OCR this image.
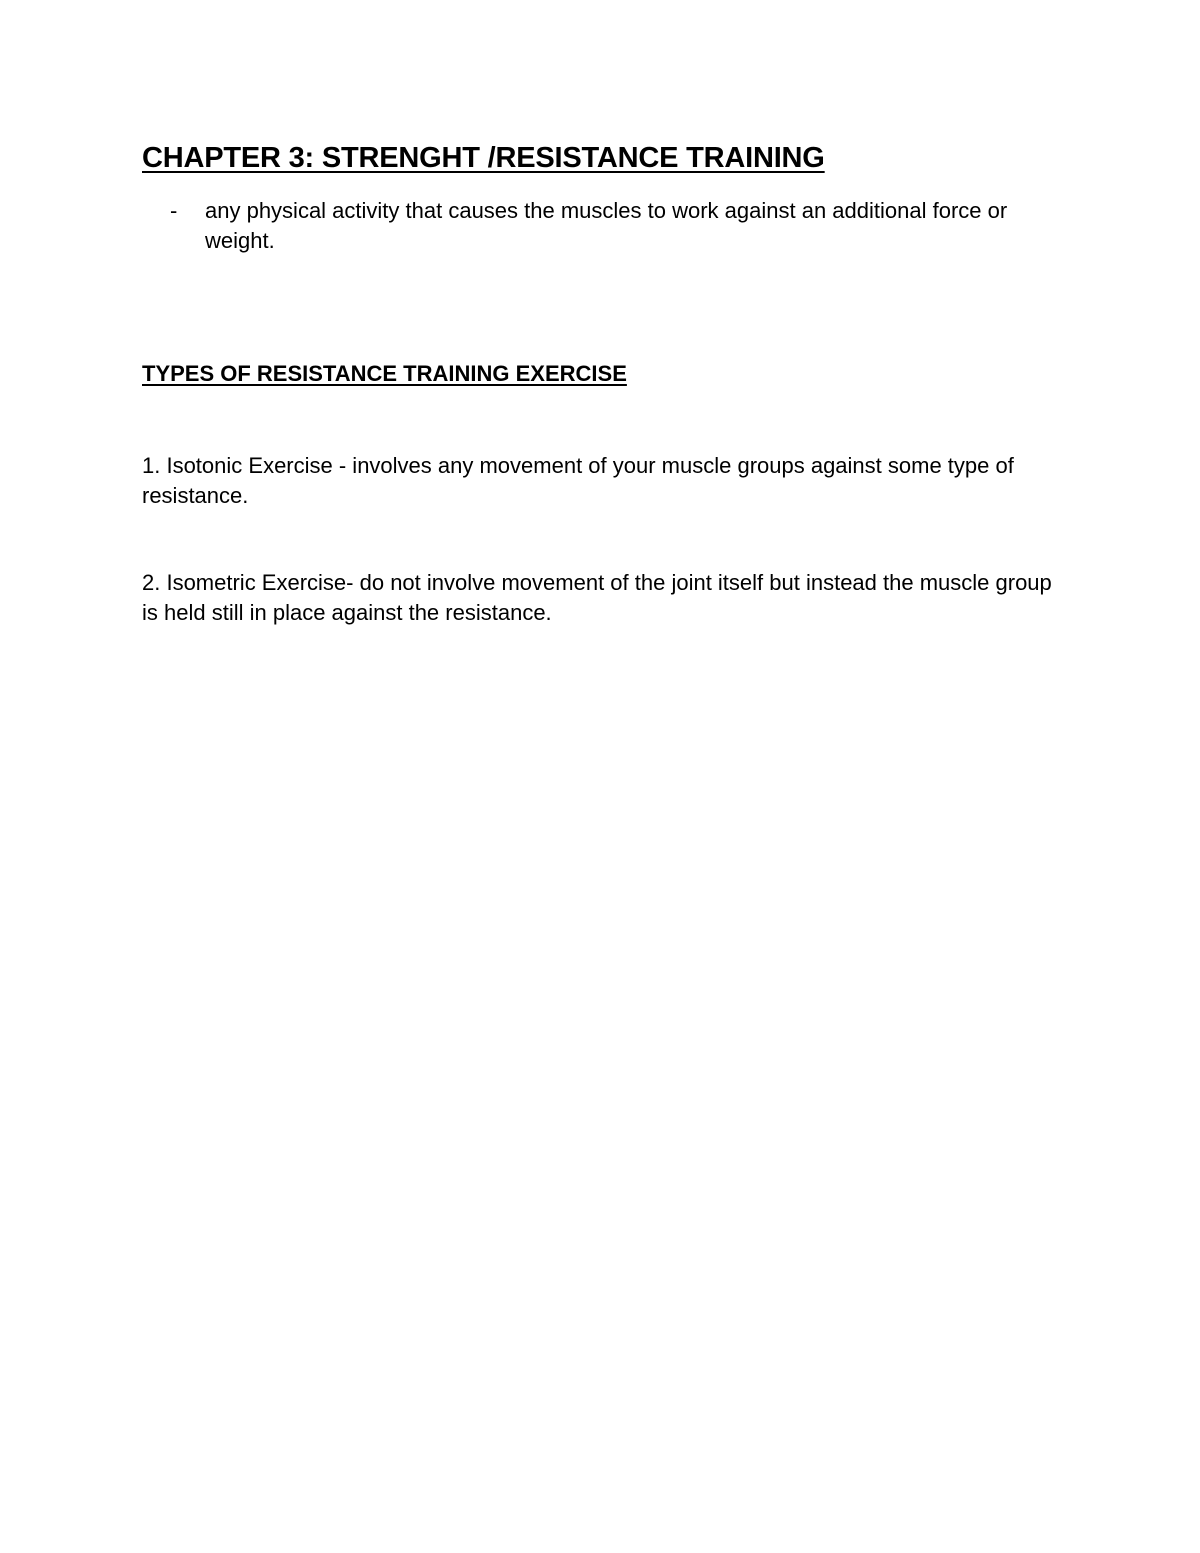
CHAPTER 3: STRENGHT /RESISTANCE TRAINING
- any physical activity that causes the muscles to work against an additional force or weight.
TYPES OF RESISTANCE TRAINING EXERCISE

1. Isotonic Exercise - involves any movement of your muscle groups against some type of resistance.

2. Isometric Exercise- do not involve movement of the joint itself but instead the muscle group is held still in place against the resistance.
